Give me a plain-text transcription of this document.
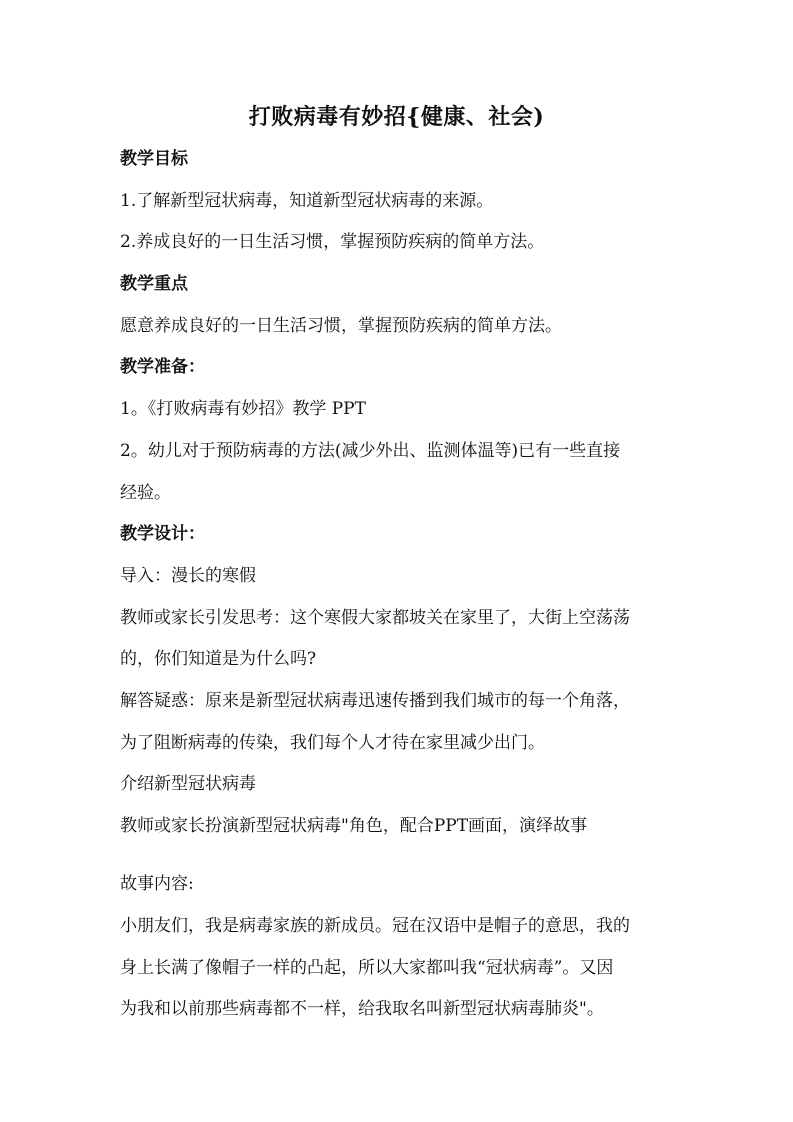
打败病毒有妙招{健康、社会)
教学目标
1.了解新型冠状病毒，知道新型冠状病毒的来源。
2.养成良好的一日生活习惯，掌握预防疾病的简单方法。
教学重点
愿意养成良好的一日生活习惯，掌握预防疾病的简单方法。
教学准备：
1。《打败病毒有妙招》教学 PPT
2。幼儿对于预防病毒的方法(减少外出、监测体温等)已有一些直接
经验。
教学设计：
导入：漫长的寒假
教师或家长引发思考：这个寒假大家都坡关在家里了，大街上空荡荡
的，你们知道是为什么吗?
解答疑惑：原来是新型冠状病毒迅速传播到我们城市的每一个角落，
为了阻断病毒的传染，我们每个人才待在家里减少出门。
介绍新型冠状病毒
教师或家长扮演新型冠状病毒"角色，配合PPT画面，演绎故事
故事内容:
小朋友们，我是病毒家族的新成员。冠在汉语中是帽子的意思，我的
身上长满了像帽子一样的凸起，所以大家都叫我“冠状病毒”。又因
为我和以前那些病毒都不一样，给我取名叫新型冠状病毒肺炎"。
